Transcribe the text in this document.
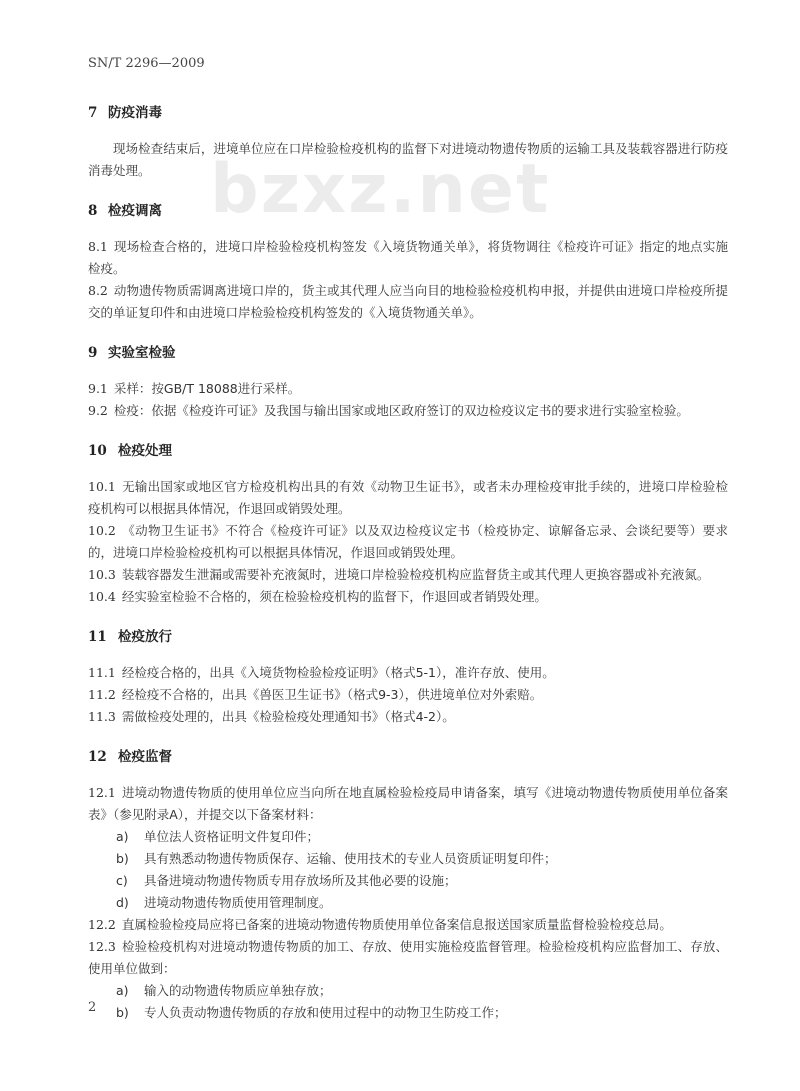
SN/T 2296—2009
bzxz.net
7 防疫消毒

现场检查结束后，进境单位应在口岸检验检疫机构的监督下对进境动物遗传物质的运输工具及装载容器进行防疫消毒处理。

8 检疫调离

8.1 现场检查合格的，进境口岸检验检疫机构签发《入境货物通关单》，将货物调往《检疫许可证》指定的地点实施检疫。

8.2 动物遗传物质需调离进境口岸的，货主或其代理人应当向目的地检验检疫机构申报，并提供由进境口岸检疫所提交的单证复印件和由进境口岸检验检疫机构签发的《入境货物通关单》。

9 实验室检验

9.1 采样：按GB/T 18088进行采样。

9.2 检疫：依据《检疫许可证》及我国与输出国家或地区政府签订的双边检疫议定书的要求进行实验室检验。

10 检疫处理

10.1 无输出国家或地区官方检疫机构出具的有效《动物卫生证书》，或者未办理检疫审批手续的，进境口岸检验检疫机构可以根据具体情况，作退回或销毁处理。

10.2 《动物卫生证书》不符合《检疫许可证》以及双边检疫议定书（检疫协定、谅解备忘录、会谈纪要等）要求的，进境口岸检验检疫机构可以根据具体情况，作退回或销毁处理。

10.3 装载容器发生泄漏或需要补充液氮时，进境口岸检验检疫机构应监督货主或其代理人更换容器或补充液氮。

10.4 经实验室检验不合格的，须在检验检疫机构的监督下，作退回或者销毁处理。

11 检疫放行

11.1 经检疫合格的，出具《入境货物检验检疫证明》（格式5-1），准许存放、使用。

11.2 经检疫不合格的，出具《兽医卫生证书》（格式9-3），供进境单位对外索赔。

11.3 需做检疫处理的，出具《检验检疫处理通知书》（格式4-2）。

12 检疫监督

12.1 进境动物遗传物质的使用单位应当向所在地直属检验检疫局申请备案，填写《进境动物遗传物质使用单位备案表》（参见附录A），并提交以下备案材料：

a) 单位法人资格证明文件复印件；
b) 具有熟悉动物遗传物质保存、运输、使用技术的专业人员资质证明复印件；
c) 具备进境动物遗传物质专用存放场所及其他必要的设施；
d) 进境动物遗传物质使用管理制度。

12.2 直属检验检疫局应将已备案的进境动物遗传物质使用单位备案信息报送国家质量监督检验检疫总局。

12.3 检验检疫机构对进境动物遗传物质的加工、存放、使用实施检疫监督管理。检验检疫机构应监督加工、存放、使用单位做到：

a) 输入的动物遗传物质应单独存放；
b) 专人负责动物遗传物质的存放和使用过程中的动物卫生防疫工作；
2
